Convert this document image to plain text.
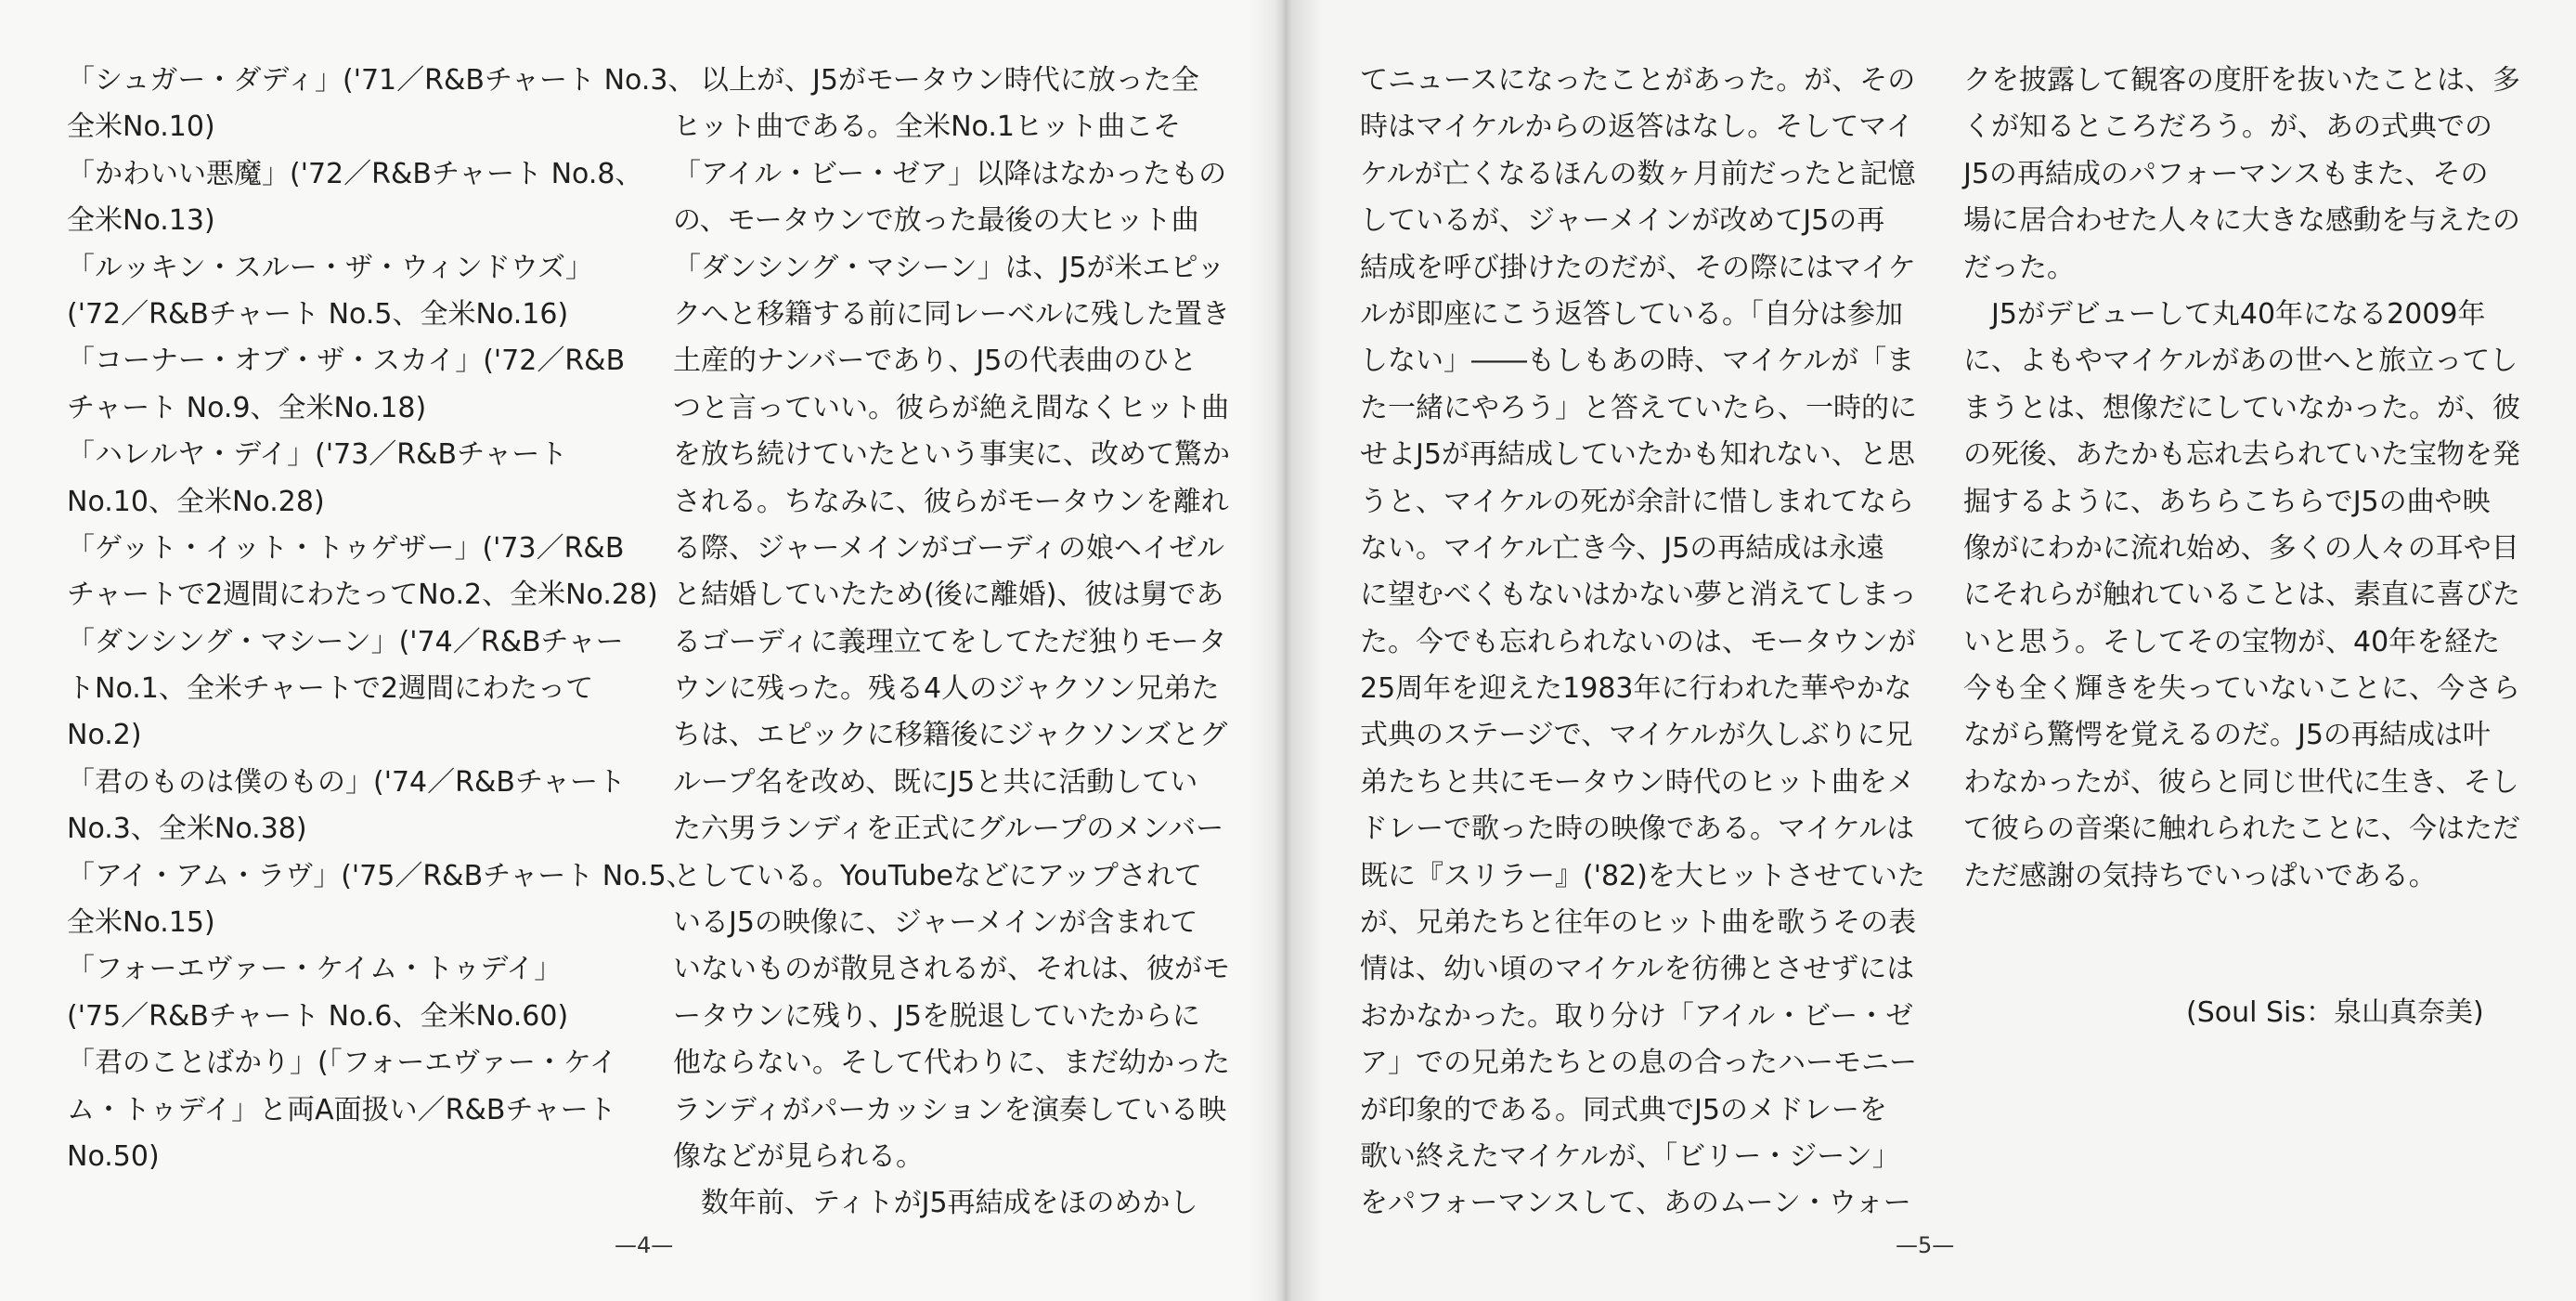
「シュガー・ダディ」('71／R&Bチャート No.3、
全米No.10)
「かわいい悪魔」('72／R&Bチャート No.8、
全米No.13)
「ルッキン・スルー・ザ・ウィンドウズ」
('72／R&Bチャート No.5、全米No.16)
「コーナー・オブ・ザ・スカイ」('72／R&B
チャート No.9、全米No.18)
「ハレルヤ・デイ」('73／R&Bチャート
No.10、全米No.28)
「ゲット・イット・トゥゲザー」('73／R&B
チャートで2週間にわたってNo.2、全米No.28)
「ダンシング・マシーン」('74／R&Bチャー
トNo.1、全米チャートで2週間にわたって
No.2)
「君のものは僕のもの」('74／R&Bチャート
No.3、全米No.38)
「アイ・アム・ラヴ」('75／R&Bチャート No.5、
全米No.15)
「フォーエヴァー・ケイム・トゥデイ」
('75／R&Bチャート No.6、全米No.60)
「君のことばかり」(「フォーエヴァー・ケイ
ム・トゥデイ」と両A面扱い／R&Bチャート
No.50)
以上が、J5がモータウン時代に放った全
ヒット曲である。全米No.1ヒット曲こそ
「アイル・ビー・ゼア」以降はなかったもの
の、モータウンで放った最後の大ヒット曲
「ダンシング・マシーン」は、J5が米エピッ
クへと移籍する前に同レーベルに残した置き
土産的ナンバーであり、J5の代表曲のひと
つと言っていい。彼らが絶え間なくヒット曲
を放ち続けていたという事実に、改めて驚か
される。ちなみに、彼らがモータウンを離れ
る際、ジャーメインがゴーディの娘ヘイゼル
と結婚していたため(後に離婚)、彼は舅であ
るゴーディに義理立てをしてただ独りモータ
ウンに残った。残る4人のジャクソン兄弟た
ちは、エピックに移籍後にジャクソンズとグ
ループ名を改め、既にJ5と共に活動してい
た六男ランディを正式にグループのメンバー
としている。YouTubeなどにアップされて
いるJ5の映像に、ジャーメインが含まれて
いないものが散見されるが、それは、彼がモ
ータウンに残り、J5を脱退していたからに
他ならない。そして代わりに、まだ幼かった
ランディがパーカッションを演奏している映
像などが見られる。
数年前、ティトがJ5再結成をほのめかし
—4—
てニュースになったことがあった。が、その
時はマイケルからの返答はなし。そしてマイ
ケルが亡くなるほんの数ヶ月前だったと記憶
しているが、ジャーメインが改めてJ5の再
結成を呼び掛けたのだが、その際にはマイケ
ルが即座にこう返答している。「自分は参加
しない」――もしもあの時、マイケルが「ま
た一緒にやろう」と答えていたら、一時的に
せよJ5が再結成していたかも知れない、と思
うと、マイケルの死が余計に惜しまれてなら
ない。マイケル亡き今、J5の再結成は永遠
に望むべくもないはかない夢と消えてしまっ
た。今でも忘れられないのは、モータウンが
25周年を迎えた1983年に行われた華やかな
式典のステージで、マイケルが久しぶりに兄
弟たちと共にモータウン時代のヒット曲をメ
ドレーで歌った時の映像である。マイケルは
既に『スリラー』('82)を大ヒットさせていた
が、兄弟たちと往年のヒット曲を歌うその表
情は、幼い頃のマイケルを彷彿とさせずには
おかなかった。取り分け「アイル・ビー・ゼ
ア」での兄弟たちとの息の合ったハーモニー
が印象的である。同式典でJ5のメドレーを
歌い終えたマイケルが、「ビリー・ジーン」
をパフォーマンスして、あのムーン・ウォー
クを披露して観客の度肝を抜いたことは、多
くが知るところだろう。が、あの式典での
J5の再結成のパフォーマンスもまた、その
場に居合わせた人々に大きな感動を与えたの
だった。
J5がデビューして丸40年になる2009年
に、よもやマイケルがあの世へと旅立ってし
まうとは、想像だにしていなかった。が、彼
の死後、あたかも忘れ去られていた宝物を発
掘するように、あちらこちらでJ5の曲や映
像がにわかに流れ始め、多くの人々の耳や目
にそれらが触れていることは、素直に喜びた
いと思う。そしてその宝物が、40年を経た
今も全く輝きを失っていないことに、今さら
ながら驚愕を覚えるのだ。J5の再結成は叶
わなかったが、彼らと同じ世代に生き、そし
て彼らの音楽に触れられたことに、今はただ
ただ感謝の気持ちでいっぱいである。
(Soul Sis：泉山真奈美)
—5—
